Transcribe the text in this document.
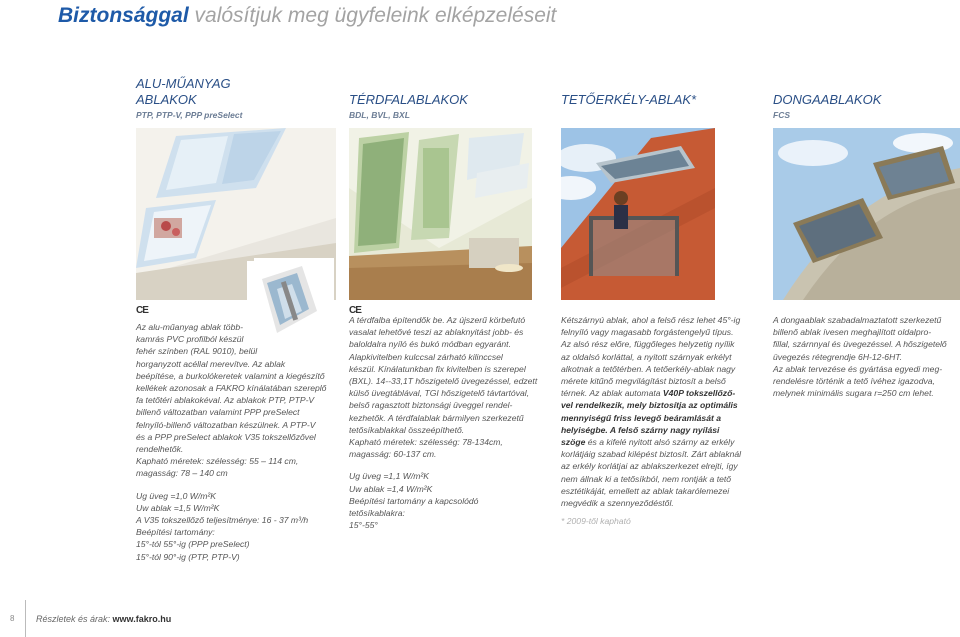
Biztonsággal valósítjuk meg ügyfeleink elképzeléseit
ALU-MŰANYAG
ABLAKOK
PTP, PTP-V, PPP preSelect
TÉRDFALABLAKOK
BDL, BVL, BXL
TETŐERKÉLY-ABLAK*	DONGAABLAKOK
FCS
CE	CE

Az alu-műanyag ablak több-

kamrás PVC profilból készül

fehér színben (RAL 9010), belül

horganyzott acéllal merevítve. Az ablak

beépítése, a burkolókeretek valamint a kiegészítő

kellékek azonosak a FAKRO kínálatában szereplő

fa tetőtéri ablakokéval. Az ablakok PTP, PTP-V

billenő változatban valamint PPP preSelect

felnyíló-billenő változatban készülnek. A PTP-V

és a PPP preSelect ablakok V35 tokszellőzővel

rendelhetők.

Kapható méretek: szélesség: 55 – 114 cm,

magasság: 78 – 140 cm

Ug üveg =1,0 W/m²K

Uw ablak =1,5 W/m²K

A V35 tokszellőző teljesítménye: 16 - 37 m³/h

Beépítési tartomány:

15°-tól 55°-ig (PPP preSelect)

15°-tól 90°-ig (PTP, PTP-V)

A térdfalba építendők be. Az újszerű körbefutó

vasalat lehetővé teszi az ablaknyitást jobb- és

baloldalra nyíló és bukó módban egyaránt.

Alapkivitelben kulccsal zárható kilinccsel

készül. Kínálatunkban fix kivitelben is szerepel

(BXL). 14--33,1T hőszigetelő üvegezéssel, edzett

külső üvegtáblával, TGI hőszigetelő távtartóval,

belső ragasztott biztonsági üveggel rendel-

kezhetők. A térdfalablak bármilyen szerkezetű

tetősíkablakkal összeépíthető.

Kapható méretek: szélesség: 78-134cm,

magasság: 60-137 cm.

Ug üveg =1,1 W/m²K

Uw ablak =1,4 W/m²K

Beépítési tartomány a kapcsolódó

tetősíkablakra:

15°-55°

Kétszárnyú ablak, ahol a felső rész lehet 45°-ig

felnyíló vagy magasabb forgástengelyű típus.

Az alsó rész előre, függőleges helyzetig nyílik

az oldalsó korláttal, a nyitott szárnyak erkélyt

alkotnak a tetőtérben. A tetőerkély-ablak nagy

mérete kitűnő megvilágítást biztosít a belső

térnek. Az ablak automata V40P tokszellőző-

vel rendelkezik, mely biztosítja az optimális

mennyiségű friss levegő beáramlását a

helyiségbe. A felső szárny nagy nyílási

szöge és a kifelé nyitott alsó szárny az erkély

korlátjáig szabad kilépést biztosít. Zárt ablaknál

az erkély korlátjai az ablakszerkezet elrejti, így

nem állnak ki a tetősíkból, nem rontják a tető

esztétikáját, emellett az ablak takarólemezei

megvédik a szennyeződéstől.

* 2009-től kapható

A dongaablak szabadalmaztatott szerkezetű

billenő ablak ívesen meghajlított oldalpro-

fillal, szárnnyal és üvegezéssel. A hőszigetelő

üvegezés rétegrendje 6H-12-6HT.

Az ablak tervezése és gyártása egyedi meg-

rendelésre történik a tető ívéhez igazodva,

melynek minimális sugara r=250 cm lehet.

8 Részletek és árak: www.fakro.hu
